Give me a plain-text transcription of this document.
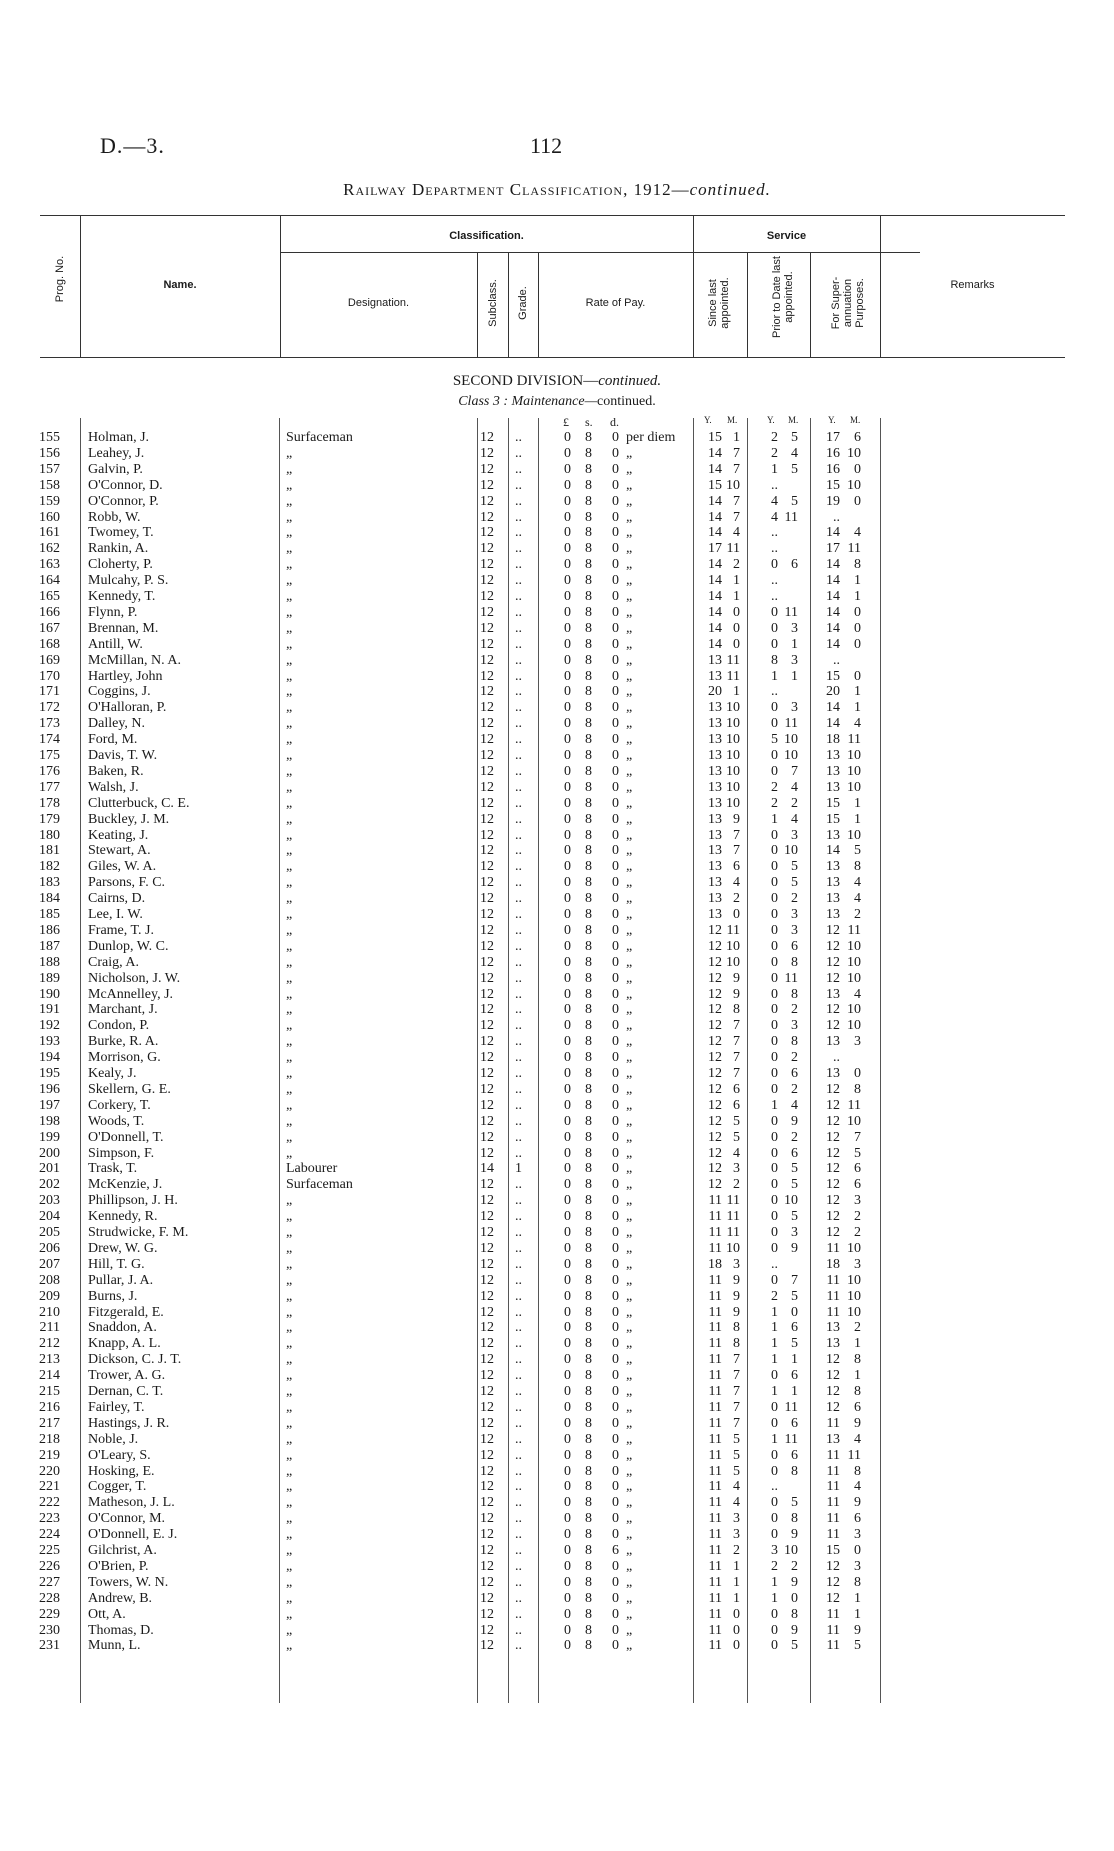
D.—3.	112
Railway Department Classification, 1912—continued.
Prog. No.	Name.
Classification.
Designation.	Subclass. Grade.	Rate of Pay.
Service
Since last appointed.	Prior to Date last appointed.	For Super-annuation Purposes.	Remarks
SECOND DIVISION—continued.
Class 3 : Maintenance—continued.
£ s. d.	Y. M.	Y. M.	Y. M.
155 Holman, J.	Surfaceman	12 ..	0 8 0 per diem	15 1	2 5	17	6
156 Leahey, J.	„	12 ..	0 8 0 „	14 7	2 4	16 10
157 Galvin, P.	„	12 ..	0 8 0 „	14 7	1 5	16	0
158 O'Connor, D.	„	12 ..	0 8 0 „	15 10	..	15 10
159 O'Connor, P.	„	12 ..	0 8 0 „	14 7	4 5	19	0
160 Robb, W.	„	12 ..	0 8 0 „	14 7	4 11	..
161 Twomey, T.	„	12 ..	0 8 0 „	14 4	..	14	4
162 Rankin, A.	„	12 ..	0 8 0 „	17 11	..	17 11
163 Cloherty, P.	„	12 ..	0 8 0 „	14 2	0 6	14	8
164 Mulcahy, P. S.	„	12 ..	0 8 0 „	14 1	..	14	1
165 Kennedy, T.	„	12 ..	0 8 0 „	14 1	..	14	1
166 Flynn, P.	„	12 ..	0 8 0 „	14 0	0 11	14	0
167 Brennan, M.	„	12 ..	0 8 0 „	14 0	0 3	14	0
168 Antill, W.	„	12 ..	0 8 0 „	14 0	0 1	14	0
169 McMillan, N. A.	„	12 ..	0 8 0 „	13 11	8 3	..
170 Hartley, John	„	12 ..	0 8 0 „	13 11	1 1	15	0
171 Coggins, J.	„	12 ..	0 8 0 „	20 1	..	20	1
172 O'Halloran, P.	„	12 ..	0 8 0 „	13 10	0 3	14	1
173 Dalley, N.	„	12 ..	0 8 0 „	13 10	0 11	14	4
174 Ford, M.	„	12 ..	0 8 0 „	13 10	5 10	18 11
175 Davis, T. W.	„	12 ..	0 8 0 „	13 10	0 10	13 10
176 Baken, R.	„	12 ..	0 8 0 „	13 10	0 7	13 10
177 Walsh, J.	„	12 ..	0 8 0 „	13 10	2 4	13 10
178 Clutterbuck, C. E.	„	12 ..	0 8 0 „	13 10	2 2	15	1
179 Buckley, J. M.	„	12 ..	0 8 0 „	13 9	1 4	15	1
180 Keating, J.	„	12 ..	0 8 0 „	13 7	0 3	13 10
181 Stewart, A.	„	12 ..	0 8 0 „	13 7	0 10	14	5
182 Giles, W. A.	„	12 ..	0 8 0 „	13 6	0 5	13	8
183 Parsons, F. C.	„	12 ..	0 8 0 „	13 4	0 5	13	4
184 Cairns, D.	„	12 ..	0 8 0 „	13 2	0 2	13	4
185 Lee, I. W.	„	12 ..	0 8 0 „	13 0	0 3	13	2
186 Frame, T. J.	„	12 ..	0 8 0 „	12 11	0 3	12 11
187 Dunlop, W. C.	„	12 ..	0 8 0 „	12 10	0 6	12 10
188 Craig, A.	„	12 ..	0 8 0 „	12 10	0 8	12 10
189 Nicholson, J. W.	„	12 ..	0 8 0 „	12 9	0 11	12 10
190 McAnnelley, J.	„	12 ..	0 8 0 „	12 9	0 8	13	4
191 Marchant, J.	„	12 ..	0 8 0 „	12 8	0 2	12 10
192 Condon, P.	„	12 ..	0 8 0 „	12 7	0 3	12 10
193 Burke, R. A.	„	12 ..	0 8 0 „	12 7	0 8	13	3
194 Morrison, G.	„	12 ..	0 8 0 „	12 7	0 2	..
195 Kealy, J.	„	12 ..	0 8 0 „	12 7	0 6	13	0
196 Skellern, G. E.	„	12 ..	0 8 0 „	12 6	0 2	12	8
197 Corkery, T.	„	12 ..	0 8 0 „	12 6	1 4	12 11
198 Woods, T.	„	12 ..	0 8 0 „	12 5	0 9	12 10
199 O'Donnell, T.	„	12 ..	0 8 0 „	12 5	0 2	12	7
200 Simpson, F.	„	12 ..	0 8 0 „	12 4	0 6	12	5
201 Trask, T.	Labourer	14 1	0 8 0 „	12 3	0 5	12	6
202 McKenzie, J.	Surfaceman	12 ..	0 8 0 „	12 2	0 5	12	6
203 Phillipson, J. H.	„	12 ..	0 8 0 „	11 11	0 10	12	3
204 Kennedy, R.	„	12 ..	0 8 0 „	11 11	0 5	12	2
205 Strudwicke, F. M.	„	12 ..	0 8 0 „	11 11	0 3	12	2
206 Drew, W. G.	„	12 ..	0 8 0 „	11 10	0 9	11 10
207 Hill, T. G.	„	12 ..	0 8 0 „	18 3	..	18	3
208 Pullar, J. A.	„	12 ..	0 8 0 „	11 9	0 7	11 10
209 Burns, J.	„	12 ..	0 8 0 „	11 9	2 5	11 10
210 Fitzgerald, E.	„	12 ..	0 8 0 „	11 9	1 0	11 10
211 Snaddon, A.	„	12 ..	0 8 0 „	11 8	1 6	13	2
212 Knapp, A. L.	„	12 ..	0 8 0 „	11 8	1 5	13	1
213 Dickson, C. J. T.	„	12 ..	0 8 0 „	11 7	1 1	12	8
214 Trower, A. G.	„	12 ..	0 8 0 „	11 7	0 6	12	1
215 Dernan, C. T.	„	12 ..	0 8 0 „	11 7	1 1	12	8
216 Fairley, T.	„	12 ..	0 8 0 „	11 7	0 11	12	6
217 Hastings, J. R.	„	12 ..	0 8 0 „	11 7	0 6	11	9
218 Noble, J.	„	12 ..	0 8 0 „	11 5	1 11	13	4
219 O'Leary, S.	„	12 ..	0 8 0 „	11 5	0 6	11 11
220 Hosking, E.	„	12 ..	0 8 0 „	11 5	0 8	11	8
221 Cogger, T.	„	12 ..	0 8 0 „	11 4	..	11	4
222 Matheson, J. L.	„	12 ..	0 8 0 „	11 4	0 5	11	9
223 O'Connor, M.	„	12 ..	0 8 0 „	11 3	0 8	11	6
224 O'Donnell, E. J.	„	12 ..	0 8 0 „	11 3	0 9	11	3
225 Gilchrist, A.	„	12 ..	0 8 6 „	11 2	3 10	15	0
226 O'Brien, P.	„	12 ..	0 8 0 „	11 1	2 2	12	3
227 Towers, W. N.	„	12 ..	0 8 0 „	11 1	1 9	12	8
228 Andrew, B.	„	12 ..	0 8 0 „	11 1	1 0	12	1
229 Ott, A.	„	12 ..	0 8 0 „	11 0	0 8	11	1
230 Thomas, D.	„	12 ..	0 8 0 „	11 0	0 9	11	9
231 Munn, L.	„	12 ..	0 8 0 „	11 0	0 5	11	5
